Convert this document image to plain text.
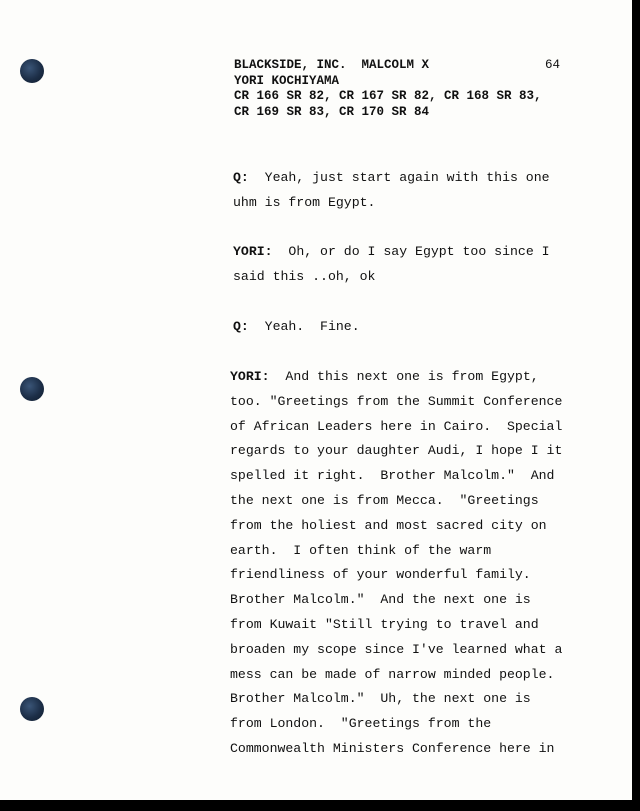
BLACKSIDE, INC.  MALCOLM X	64
YORI KOCHIYAMA
CR 166 SR 82, CR 167 SR 82, CR 168 SR 83,
CR 169 SR 83, CR 170 SR 84
Q:  Yeah, just start again with this one
uhm is from Egypt.
YORI:  Oh, or do I say Egypt too since I
said this ..oh, ok
Q:  Yeah.  Fine.
YORI:  And this next one is from Egypt,
too. "Greetings from the Summit Conference
of African Leaders here in Cairo.  Special
regards to your daughter Audi, I hope I it
spelled it right.  Brother Malcolm."  And
the next one is from Mecca.  "Greetings
from the holiest and most sacred city on
earth.  I often think of the warm
friendliness of your wonderful family.
Brother Malcolm."  And the next one is
from Kuwait "Still trying to travel and
broaden my scope since I've learned what a
mess can be made of narrow minded people.
Brother Malcolm."  Uh, the next one is
from London.  "Greetings from the
Commonwealth Ministers Conference here in
